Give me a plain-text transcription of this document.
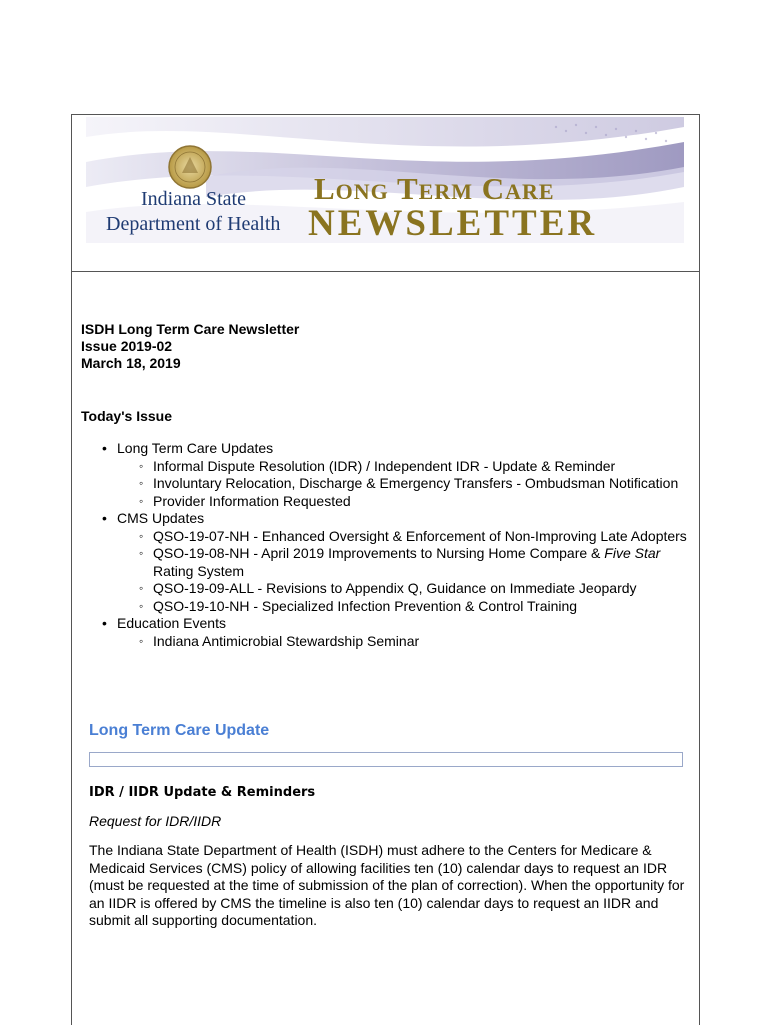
Indiana State
Department of Health
Long Term Care
NEWSLETTER

ISDH Long Term Care Newsletter

Issue 2019-02

March 18, 2019

Today's Issue

• Long Term Care Updates
◦ Informal Dispute Resolution (IDR) / Independent IDR - Update & Reminder
◦ Involuntary Relocation, Discharge & Emergency Transfers - Ombudsman Notification
◦ Provider Information Requested
• CMS Updates
◦ QSO-19-07-NH - Enhanced Oversight & Enforcement of Non-Improving Late Adopters
◦ QSO-19-08-NH - April 2019 Improvements to Nursing Home Compare & Five Star Rating System
◦ QSO-19-09-ALL - Revisions to Appendix Q, Guidance on Immediate Jeopardy
◦ QSO-19-10-NH - Specialized Infection Prevention & Control Training
• Education Events
◦ Indiana Antimicrobial Stewardship Seminar

Long Term Care Update

IDR / IIDR Update & Reminders

Request for IDR/IIDR

The Indiana State Department of Health (ISDH) must adhere to the Centers for Medicare & Medicaid Services (CMS) policy of allowing facilities ten (10) calendar days to request an IDR (must be requested at the time of submission of the plan of correction). When the opportunity for an IIDR is offered by CMS the timeline is also ten (10) calendar days to request an IIDR and submit all supporting documentation.
